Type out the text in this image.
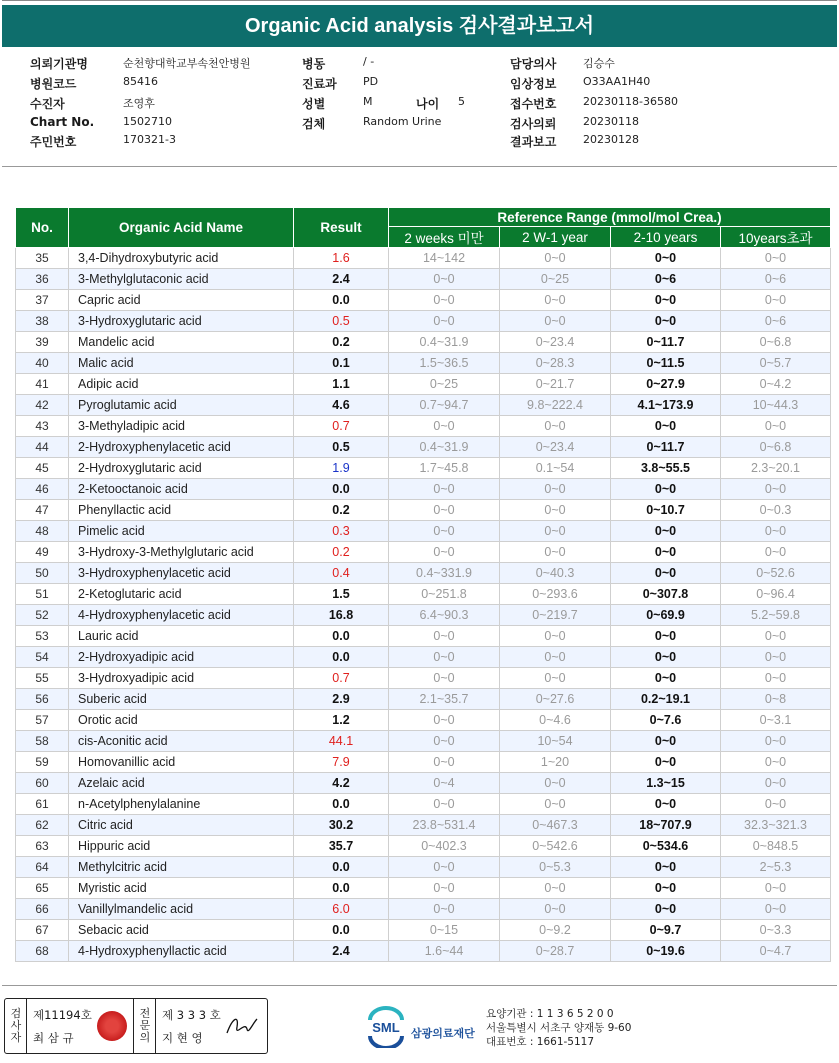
Organic Acid analysis 검사결과보고서
의뢰기관명	순천향대학교부속천안병원	병동	/ -	담당의사 김승수
병원코드	85416	진료과 PD	임상정보 O33AA1H40
수진자	조영후	성별	M	나이 5	접수번호 20230118-36580
Chart No.	1502710	검체	Random Urine	검사의뢰 20230118
주민번호	170321-3	결과보고 20230128
No.	Organic Acid Name	Result	Reference Range (mmol/mol Crea.)			
			2 weeks 미만	2 W-1 year	2-10 years	10years초과
35	3,4-Dihydroxybutyric acid	1.6	14~142	0~0	0~0	0~0
36	3-Methylglutaconic acid	2.4	0~0	0~25	0~6	0~6
37	Capric acid	0.0	0~0	0~0	0~0	0~0
38	3-Hydroxyglutaric acid	0.5	0~0	0~0	0~0	0~6
39	Mandelic acid	0.2	0.4~31.9	0~23.4	0~11.7	0~6.8
40	Malic acid	0.1	1.5~36.5	0~28.3	0~11.5	0~5.7
41	Adipic acid	1.1	0~25	0~21.7	0~27.9	0~4.2
42	Pyroglutamic acid	4.6	0.7~94.7	9.8~222.4	4.1~173.9	10~44.3
43	3-Methyladipic acid	0.7	0~0	0~0	0~0	0~0
44	2-Hydroxyphenylacetic acid	0.5	0.4~31.9	0~23.4	0~11.7	0~6.8
45	2-Hydroxyglutaric acid	1.9	1.7~45.8	0.1~54	3.8~55.5	2.3~20.1
46	2-Ketooctanoic acid	0.0	0~0	0~0	0~0	0~0
47	Phenyllactic acid	0.2	0~0	0~0	0~10.7	0~0.3
48	Pimelic acid	0.3	0~0	0~0	0~0	0~0
49	3-Hydroxy-3-Methylglutaric acid	0.2	0~0	0~0	0~0	0~0
50	3-Hydroxyphenylacetic acid	0.4	0.4~331.9	0~40.3	0~0	0~52.6
51	2-Ketoglutaric acid	1.5	0~251.8	0~293.6	0~307.8	0~96.4
52	4-Hydroxyphenylacetic acid	16.8	6.4~90.3	0~219.7	0~69.9	5.2~59.8
53	Lauric acid	0.0	0~0	0~0	0~0	0~0
54	2-Hydroxyadipic acid	0.0	0~0	0~0	0~0	0~0
55	3-Hydroxyadipic acid	0.7	0~0	0~0	0~0	0~0
56	Suberic acid	2.9	2.1~35.7	0~27.6	0.2~19.1	0~8
57	Orotic acid	1.2	0~0	0~4.6	0~7.6	0~3.1
58	cis-Aconitic acid	44.1	0~0	10~54	0~0	0~0
59	Homovanillic acid	7.9	0~0	1~20	0~0	0~0
60	Azelaic acid	4.2	0~4	0~0	1.3~15	0~0
61	n-Acetylphenylalanine	0.0	0~0	0~0	0~0	0~0
62	Citric acid	30.2	23.8~531.4	0~467.3	18~707.9	32.3~321.3
63	Hippuric acid	35.7	0~402.3	0~542.6	0~534.6	0~848.5
64	Methylcitric acid	0.0	0~0	0~5.3	0~0	2~5.3
65	Myristic acid	0.0	0~0	0~0	0~0	0~0
66	Vanillylmandelic acid	6.0	0~0	0~0	0~0	0~0
67	Sebacic acid	0.0	0~15	0~9.2	0~9.7	0~3.3
68	4-Hydroxyphenyllactic acid	2.4	1.6~44	0~28.7	0~19.6	0~4.7
검
사
자
제11194호
최 삼 규
전
문
의
제 3 3 3 호
지 현 영
SML 삼광의료재단
요양기관 : 1 1 3 6 5 2 0 0
서울특별시 서초구 양재동 9-60
대표번호 : 1661-5117
